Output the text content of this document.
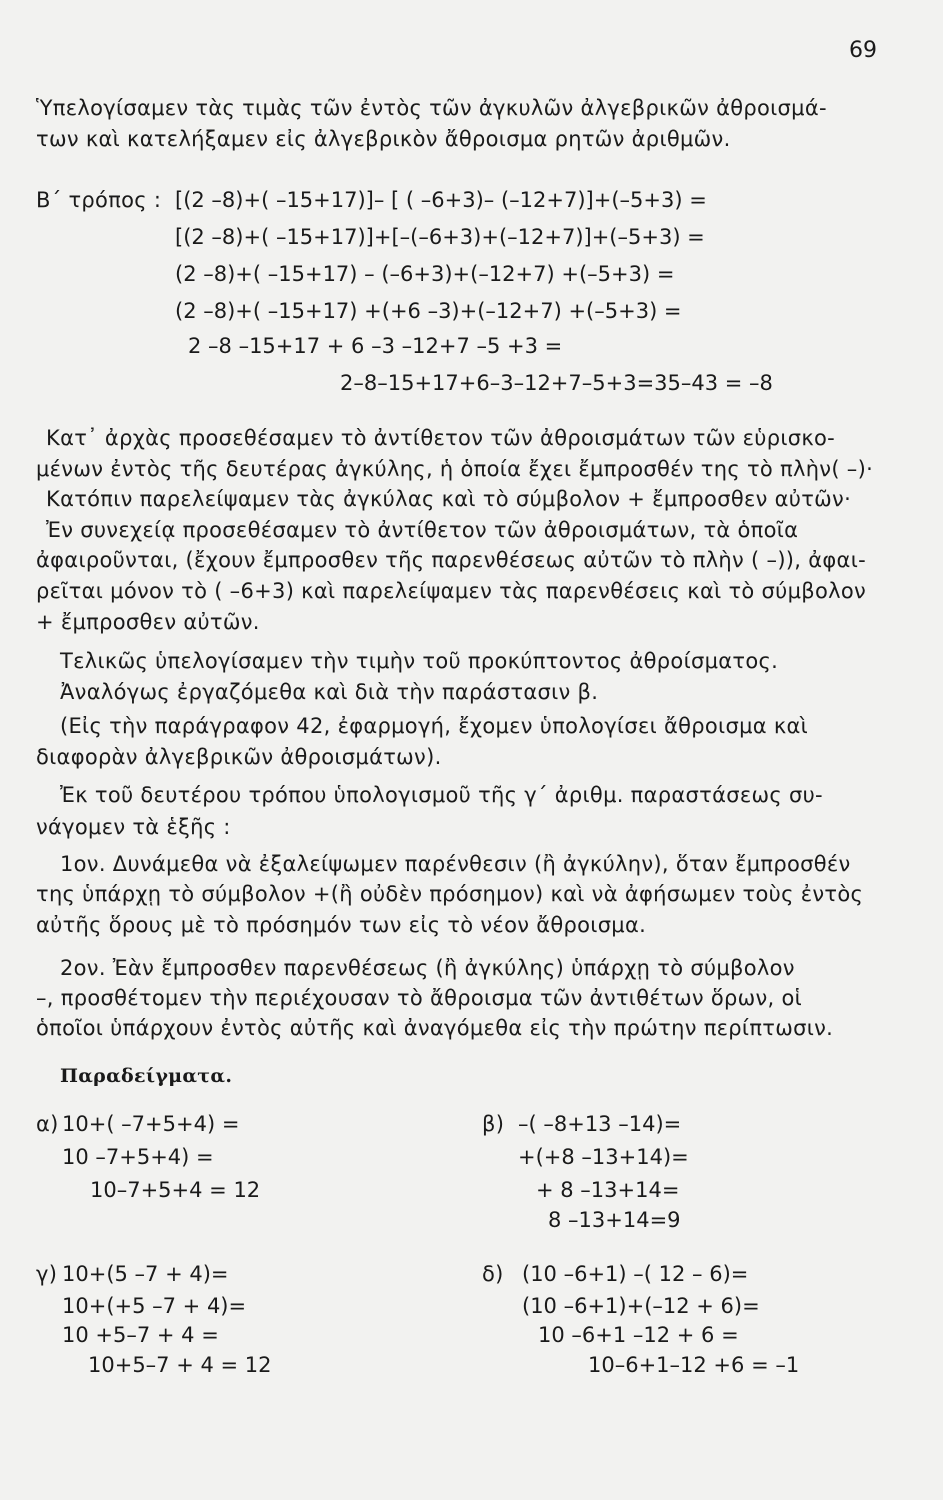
69
Ὑπελογίσαμεν τὰς τιμὰς τῶν ἐντὸς τῶν ἀγκυλῶν ἀλγεβρικῶν ἀθροισμά-
των καὶ κατελήξαμεν εἰς ἀλγεβρικὸν ἄθροισμα ρητῶν ἀριθμῶν.
Β΄ τρόπος : [(2 –8)+( –15+17)]– [ ( –6+3)– (–12+7)]+(–5+3) =
[(2 –8)+( –15+17)]+[–(–6+3)+(–12+7)]+(–5+3) =
(2 –8)+( –15+17) – (–6+3)+(–12+7) +(–5+3) =
(2 –8)+( –15+17) +(+6 –3)+(–12+7) +(–5+3) =
2 –8 –15+17 + 6 –3 –12+7 –5 +3 =
2–8–15+17+6–3–12+7–5+3=35–43 = –8
Κατ᾽ ἀρχὰς προσεθέσαμεν τὸ ἀντίθετον τῶν ἀθροισμάτων τῶν εὑρισκο-
μένων ἐντὸς τῆς δευτέρας ἀγκύλης, ἡ ὁποία ἔχει ἔμπροσθέν της τὸ πλὴν( –)·
Κατόπιν παρελείψαμεν τὰς ἀγκύλας καὶ τὸ σύμβολον + ἔμπροσθεν αὐτῶν·
Ἐν συνεχείᾳ προσεθέσαμεν τὸ ἀντίθετον τῶν ἀθροισμάτων, τὰ ὁποῖα
ἀφαιροῦνται, (ἔχουν ἔμπροσθεν τῆς παρενθέσεως αὐτῶν τὸ πλὴν ( –)), ἀφαι-
ρεῖται μόνον τὸ ( –6+3) καὶ παρελείψαμεν τὰς παρενθέσεις καὶ τὸ σύμβολον
+ ἔμπροσθεν αὐτῶν.
Τελικῶς ὑπελογίσαμεν τὴν τιμὴν τοῦ προκύπτοντος ἀθροίσματος.
Ἀναλόγως ἐργαζόμεθα καὶ διὰ τὴν παράστασιν β.
(Εἰς τὴν παράγραφον 42, ἐφαρμογή, ἔχομεν ὑπολογίσει ἄθροισμα καὶ
διαφορὰν ἀλγεβρικῶν ἀθροισμάτων).
Ἐκ τοῦ δευτέρου τρόπου ὑπολογισμοῦ τῆς γ΄ ἀριθμ. παραστάσεως συ-
νάγομεν τὰ ἑξῆς :
1ον. Δυνάμεθα νὰ ἐξαλείψωμεν παρένθεσιν (ἢ ἀγκύλην), ὅταν ἔμπροσθέν
της ὑπάρχῃ τὸ σύμβολον +(ἢ οὐδὲν πρόσημον) καὶ νὰ ἀφήσωμεν τοὺς ἐντὸς
αὐτῆς ὅρους μὲ τὸ πρόσημόν των εἰς τὸ νέον ἄθροισμα.
2ον. Ἐὰν ἔμπροσθεν παρενθέσεως (ἢ ἀγκύλης) ὑπάρχῃ τὸ σύμβολον
–, προσθέτομεν τὴν περιέχουσαν τὸ ἄθροισμα τῶν ἀντιθέτων ὅρων, οἱ
ὁποῖοι ὑπάρχουν ἐντὸς αὐτῆς καὶ ἀναγόμεθα εἰς τὴν πρώτην περίπτωσιν.
Παραδείγματα.
α) 10+( –7+5+4) =
10 –7+5+4) =
10–7+5+4 = 12
β) –( –8+13 –14)=
+(+8 –13+14)=
+ 8 –13+14=
8 –13+14=9
γ) 10+(5 –7 + 4)=
10+(+5 –7 + 4)=
10 +5–7 + 4 =
10+5–7 + 4 = 12
δ) (10 –6+1) –( 12 – 6)=
(10 –6+1)+(–12 + 6)=
10 –6+1 –12 + 6 =
10–6+1–12 +6 = –1
